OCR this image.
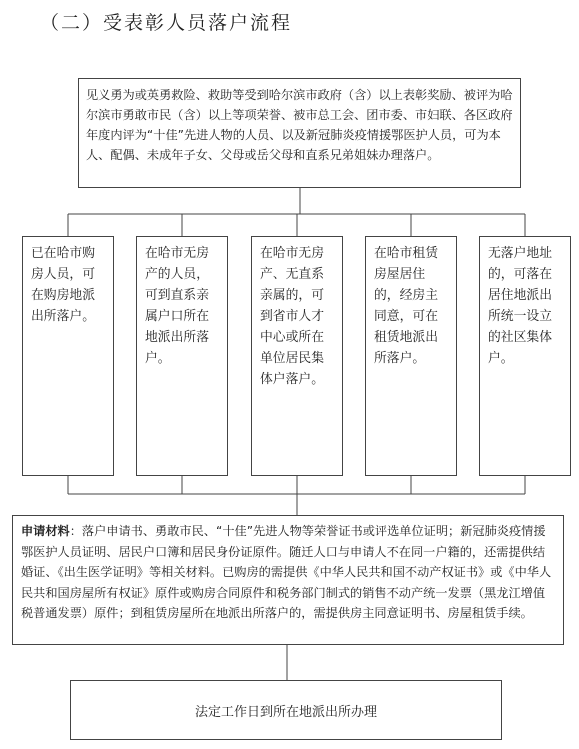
（二）受表彰人员落户流程
见义勇为或英勇救险、救助等受到哈尔滨市政府（含）以上表彰奖励、被评为哈尔滨市勇敢市民（含）以上等项荣誉、被市总工会、团市委、市妇联、各区政府年度内评为“十佳”先进人物的人员、以及新冠肺炎疫情援鄂医护人员，可为本人、配偶、未成年子女、父母或岳父母和直系兄弟姐妹办理落户。
已在哈市购房人员，可在购房地派出所落户。
在哈市无房产的人员，可到直系亲属户口所在地派出所落户。
在哈市无房产、无直系亲属的，可到省市人才中心或所在单位居民集体户落户。
在哈市租赁房屋居住的，经房主同意，可在租赁地派出所落户。
无落户地址的，可落在居住地派出所统一设立的社区集体户。
申请材料：落户申请书、勇敢市民、“十佳”先进人物等荣誉证书或评选单位证明；新冠肺炎疫情援鄂医护人员证明、居民户口簿和居民身份证原件。随迁人口与申请人不在同一户籍的，还需提供结婚证、《出生医学证明》等相关材料。已购房的需提供《中华人民共和国不动产权证书》或《中华人民共和国房屋所有权证》原件或购房合同原件和税务部门制式的销售不动产统一发票（黑龙江增值税普通发票）原件；到租赁房屋所在地派出所落户的，需提供房主同意证明书、房屋租赁手续。
法定工作日到所在地派出所办理
